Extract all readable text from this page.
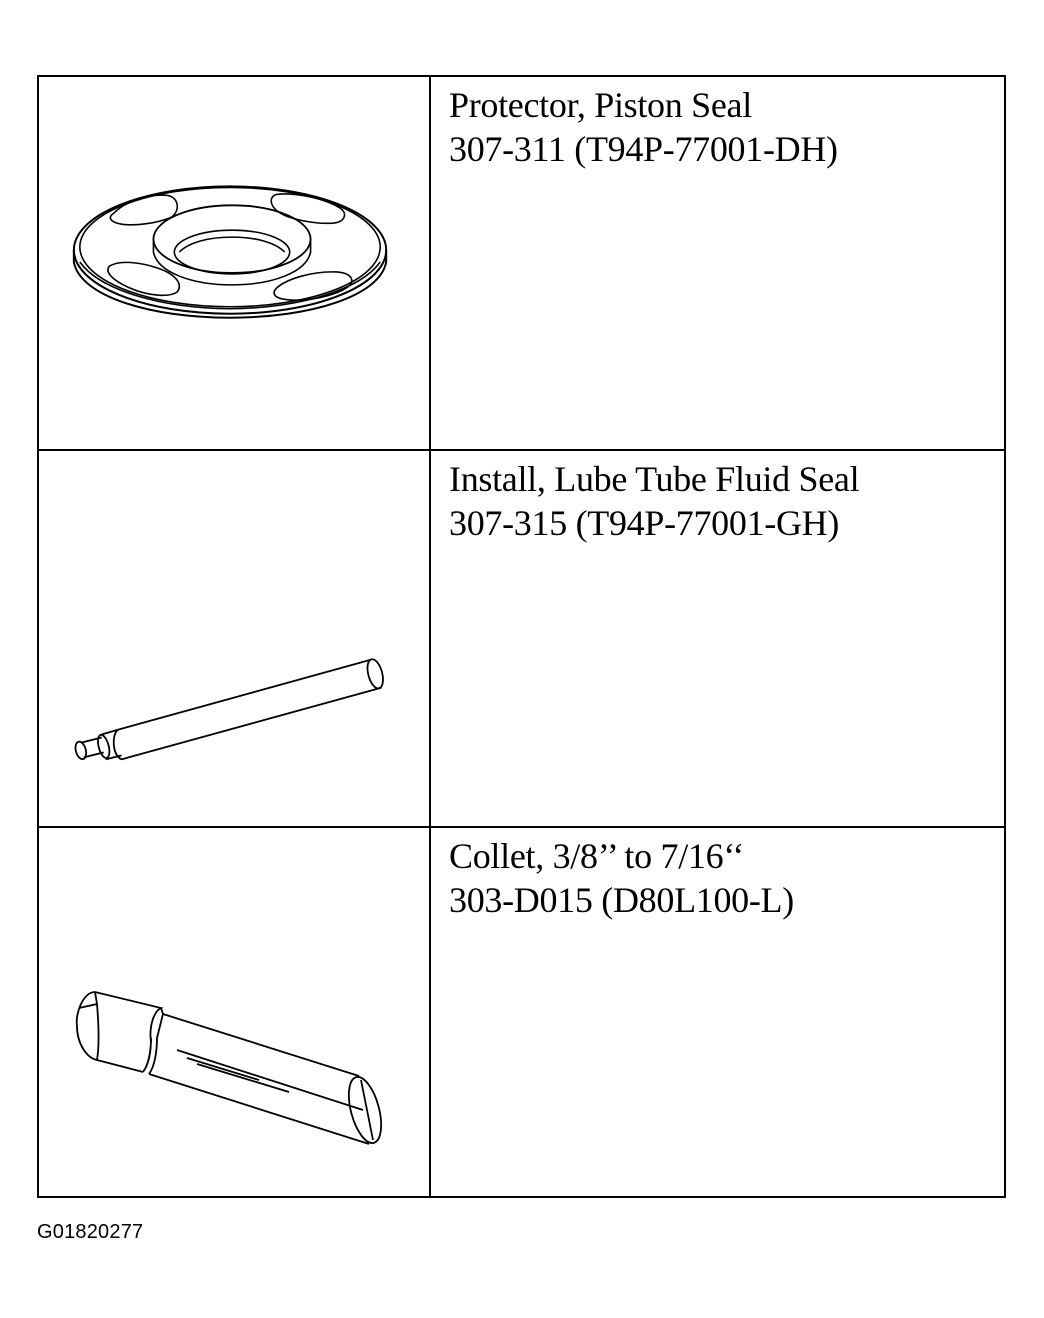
Protector, Piston Seal
307-311 (T94P-77001-DH)
Install, Lube Tube Fluid Seal
307-315 (T94P-77001-GH)
Collet, 3/8’’ to 7/16‘‘
303-D015 (D80L100-L)
G01820277
